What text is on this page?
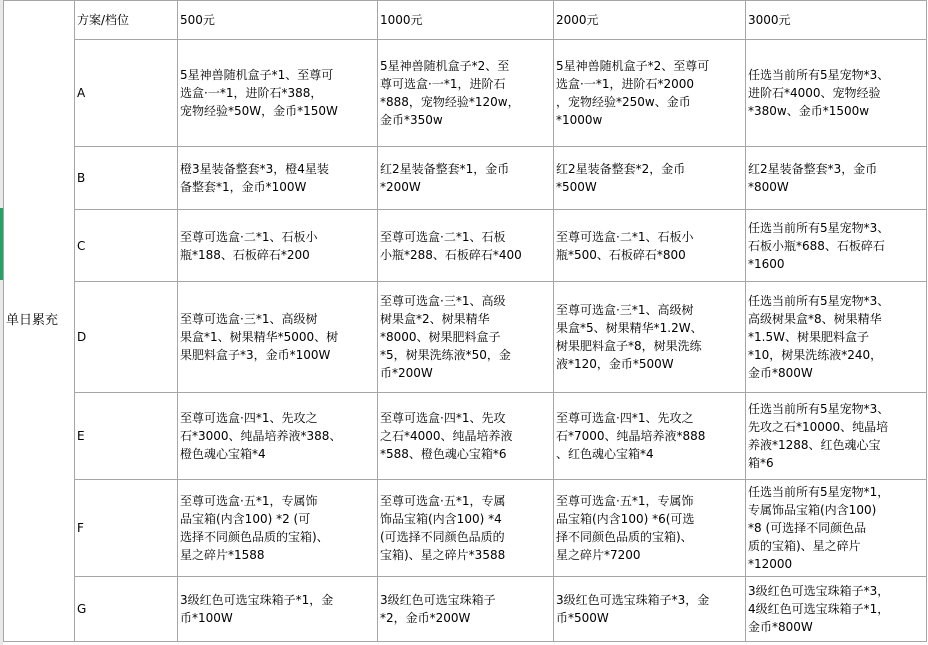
单日累充	方案/档位	500元	1000元	2000元	3000元
	A	5星神兽随机盒子*1、至尊可
选盒·一*1，进阶石*388，
宠物经验*50W，金币*150W	5星神兽随机盒子*2、至
尊可选盒·一*1，进阶石
*888，宠物经验*120w，
金币*350w	5星神兽随机盒子*2、至尊可
选盒·一*1，进阶石*2000
，宠物经验*250w、金币
*1000w	任选当前所有5星宠物*3、
进阶石*4000、宠物经验
*380w、金币*1500w
	B	橙3星装备整套*3，橙4星装
备整套*1，金币*100W	红2星装备整套*1，金币
*200W	红2星装备整套*2，金币
*500W	红2星装备整套*3，金币
*800W
	C	至尊可选盒·二*1、石板小
瓶*188、石板碎石*200	至尊可选盒·二*1、石板
小瓶*288、石板碎石*400	至尊可选盒·二*1、石板小
瓶*500、石板碎石*800	任选当前所有5星宠物*3、
石板小瓶*688、石板碎石
*1600
	D	至尊可选盒·三*1、高级树
果盒*1、树果精华*5000、树
果肥料盒子*3，金币*100W	至尊可选盒·三*1、高级
树果盒*2、树果精华
*8000、树果肥料盒子
*5，树果洗练液*50，金
币*200W	至尊可选盒·三*1、高级树
果盒*5、树果精华*1.2W、
树果肥料盒子*8，树果洗练
液*120，金币*500W	任选当前所有5星宠物*3、
高级树果盒*8、树果精华
*1.5W、树果肥料盒子
*10，树果洗练液*240，
金币*800W
	E	至尊可选盒·四*1、先攻之
石*3000、纯晶培养液*388、
橙色魂心宝箱*4	至尊可选盒·四*1、先攻
之石*4000、纯晶培养液
*588、橙色魂心宝箱*6	至尊可选盒·四*1、先攻之
石*7000、纯晶培养液*888
、红色魂心宝箱*4	任选当前所有5星宠物*3、
先攻之石*10000、纯晶培
养液*1288、红色魂心宝
箱*6
	F	至尊可选盒·五*1，专属饰
品宝箱(内含100) *2 (可
选择不同颜色品质的宝箱)、
星之碎片*1588	至尊可选盒·五*1，专属
饰品宝箱(内含100) *4
(可选择不同颜色品质的
宝箱)、星之碎片*3588	至尊可选盒·五*1，专属饰
品宝箱(内含100) *6(可选
择不同颜色品质的宝箱)、
星之碎片*7200	任选当前所有5星宠物*1，
专属饰品宝箱(内含100)
*8 (可选择不同颜色品
质的宝箱)、星之碎片
*12000
	G	3级红色可选宝珠箱子*1，金
币*100W	3级红色可选宝珠箱子
*2，金币*200W	3级红色可选宝珠箱子*3，金
币*500W	3级红色可选宝珠箱子*3，
4级红色可选宝珠箱子*1，
金币*800W
